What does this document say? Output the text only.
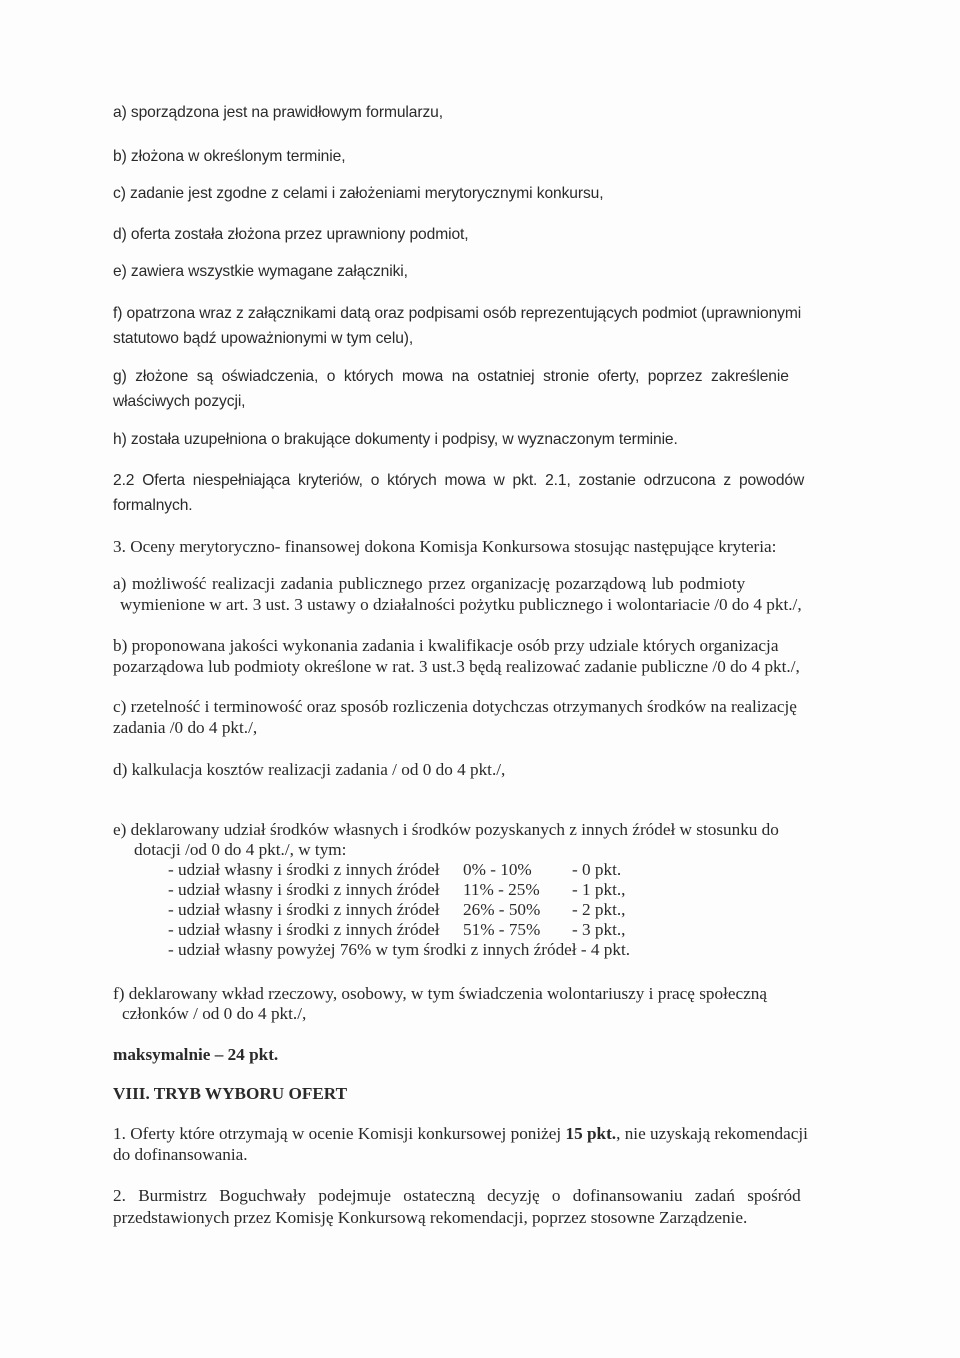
a) sporządzona jest na prawidłowym formularzu,

b) złożona w określonym terminie,

c) zadanie jest zgodne z celami i założeniami merytorycznymi konkursu,

d) oferta została złożona przez uprawniony podmiot,

e) zawiera wszystkie wymagane załączniki,

f) opatrzona wraz z załącznikami datą oraz podpisami osób reprezentujących podmiot (uprawnionymi

statutowo bądź upoważnionymi w tym celu),

g) złożone są oświadczenia, o których mowa na ostatniej stronie oferty, poprzez zakreślenie

właściwych pozycji,

h) została uzupełniona o brakujące dokumenty i podpisy, w wyznaczonym terminie.

2.2 Oferta niespełniająca kryteriów, o których mowa w pkt. 2.1, zostanie odrzucona z powodów

formalnych.

3. Oceny merytoryczno- finansowej dokona Komisja Konkursowa stosując następujące kryteria:

a) możliwość realizacji zadania publicznego przez organizację pozarządową lub podmioty

wymienione w art. 3 ust. 3 ustawy o działalności pożytku publicznego i wolontariacie /0 do 4 pkt./,

b) proponowana jakości wykonania zadania i kwalifikacje osób przy udziale których organizacja

pozarządowa lub podmioty określone w rat. 3 ust.3 będą realizować zadanie publiczne /0 do 4 pkt./,

c) rzetelność i terminowość oraz sposób rozliczenia dotychczas otrzymanych środków na realizację

zadania /0 do 4 pkt./,

d) kalkulacja kosztów realizacji zadania / od 0 do 4 pkt./,

e) deklarowany udział środków własnych i środków pozyskanych z innych źródeł w stosunku do

dotacji /od 0 do 4 pkt./, w tym:

- udział własny i środki z innych źródeł 0% - 10% - 0 pkt.

- udział własny i środki z innych źródeł 11% - 25% - 1 pkt.,

- udział własny i środki z innych źródeł 26% - 50% - 2 pkt.,

- udział własny i środki z innych źródeł 51% - 75% - 3 pkt.,

- udział własny powyżej 76% w tym środki z innych źródeł - 4 pkt.

f) deklarowany wkład rzeczowy, osobowy, w tym świadczenia wolontariuszy i pracę społeczną

członków / od 0 do 4 pkt./,

maksymalnie – 24 pkt.

VIII. TRYB WYBORU OFERT

1. Oferty które otrzymają w ocenie Komisji konkursowej poniżej 15 pkt., nie uzyskają rekomendacji

do dofinansowania.

2. Burmistrz Boguchwały podejmuje ostateczną decyzję o dofinansowaniu zadań spośród

przedstawionych przez Komisję Konkursową rekomendacji, poprzez stosowne Zarządzenie.
